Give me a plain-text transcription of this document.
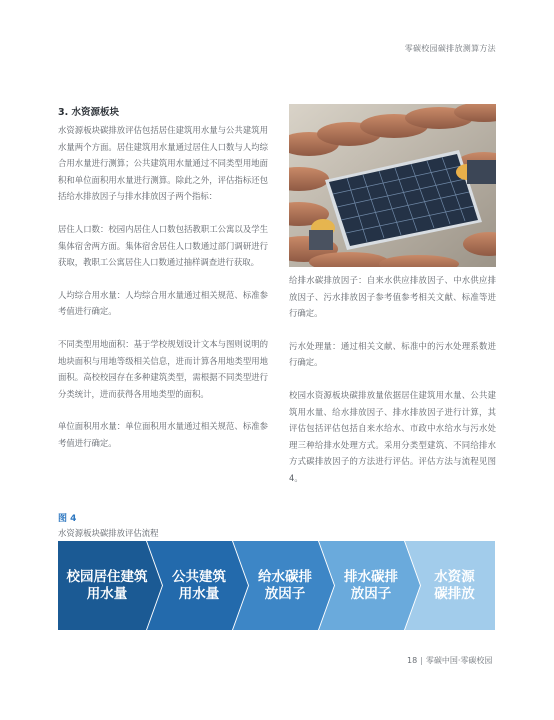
零碳校园碳排放测算方法
3. 水资源板块

水资源板块碳排放评估包括居住建筑用水量与公共建筑用水量两个方面。居住建筑用水量通过居住人口数与人均综合用水量进行测算；公共建筑用水量通过不同类型用地面积和单位面积用水量进行测算。除此之外，评估指标还包括给水排放因子与排水排放因子两个指标：

居住人口数：校园内居住人口数包括教职工公寓以及学生集体宿舍两方面。集体宿舍居住人口数通过部门调研进行获取，教职工公寓居住人口数通过抽样调查进行获取。

人均综合用水量：人均综合用水量通过相关规范、标准参考值进行确定。

不同类型用地面积：基于学校规划设计文本与图则说明的地块面积与用地等级相关信息，进而计算各用地类型用地面积。高校校园存在多种建筑类型，需根据不同类型进行分类统计，进而获得各用地类型的面积。

单位面积用水量：单位面积用水量通过相关规范、标准参考值进行确定。

给排水碳排放因子：自来水供应排放因子、中水供应排放因子、污水排放因子参考值参考相关文献、标准等进行确定。

污水处理量：通过相关文献、标准中的污水处理系数进行确定。

校园水资源板块碳排放量依据居住建筑用水量、公共建筑用水量、给水排放因子、排水排放因子进行计算，其评估包括评估包括自来水给水、市政中水给水与污水处理三种给排水处理方式。采用分类型建筑、不同给排水方式碳排放因子的方法进行评估。评估方法与流程见图 4。

图 4
水资源板块碳排放评估流程
校园居住建筑
用水量
公共建筑
用水量
给水碳排
放因子
排水碳排
放因子
水资源
碳排放
18 | 零碳中国·零碳校园
